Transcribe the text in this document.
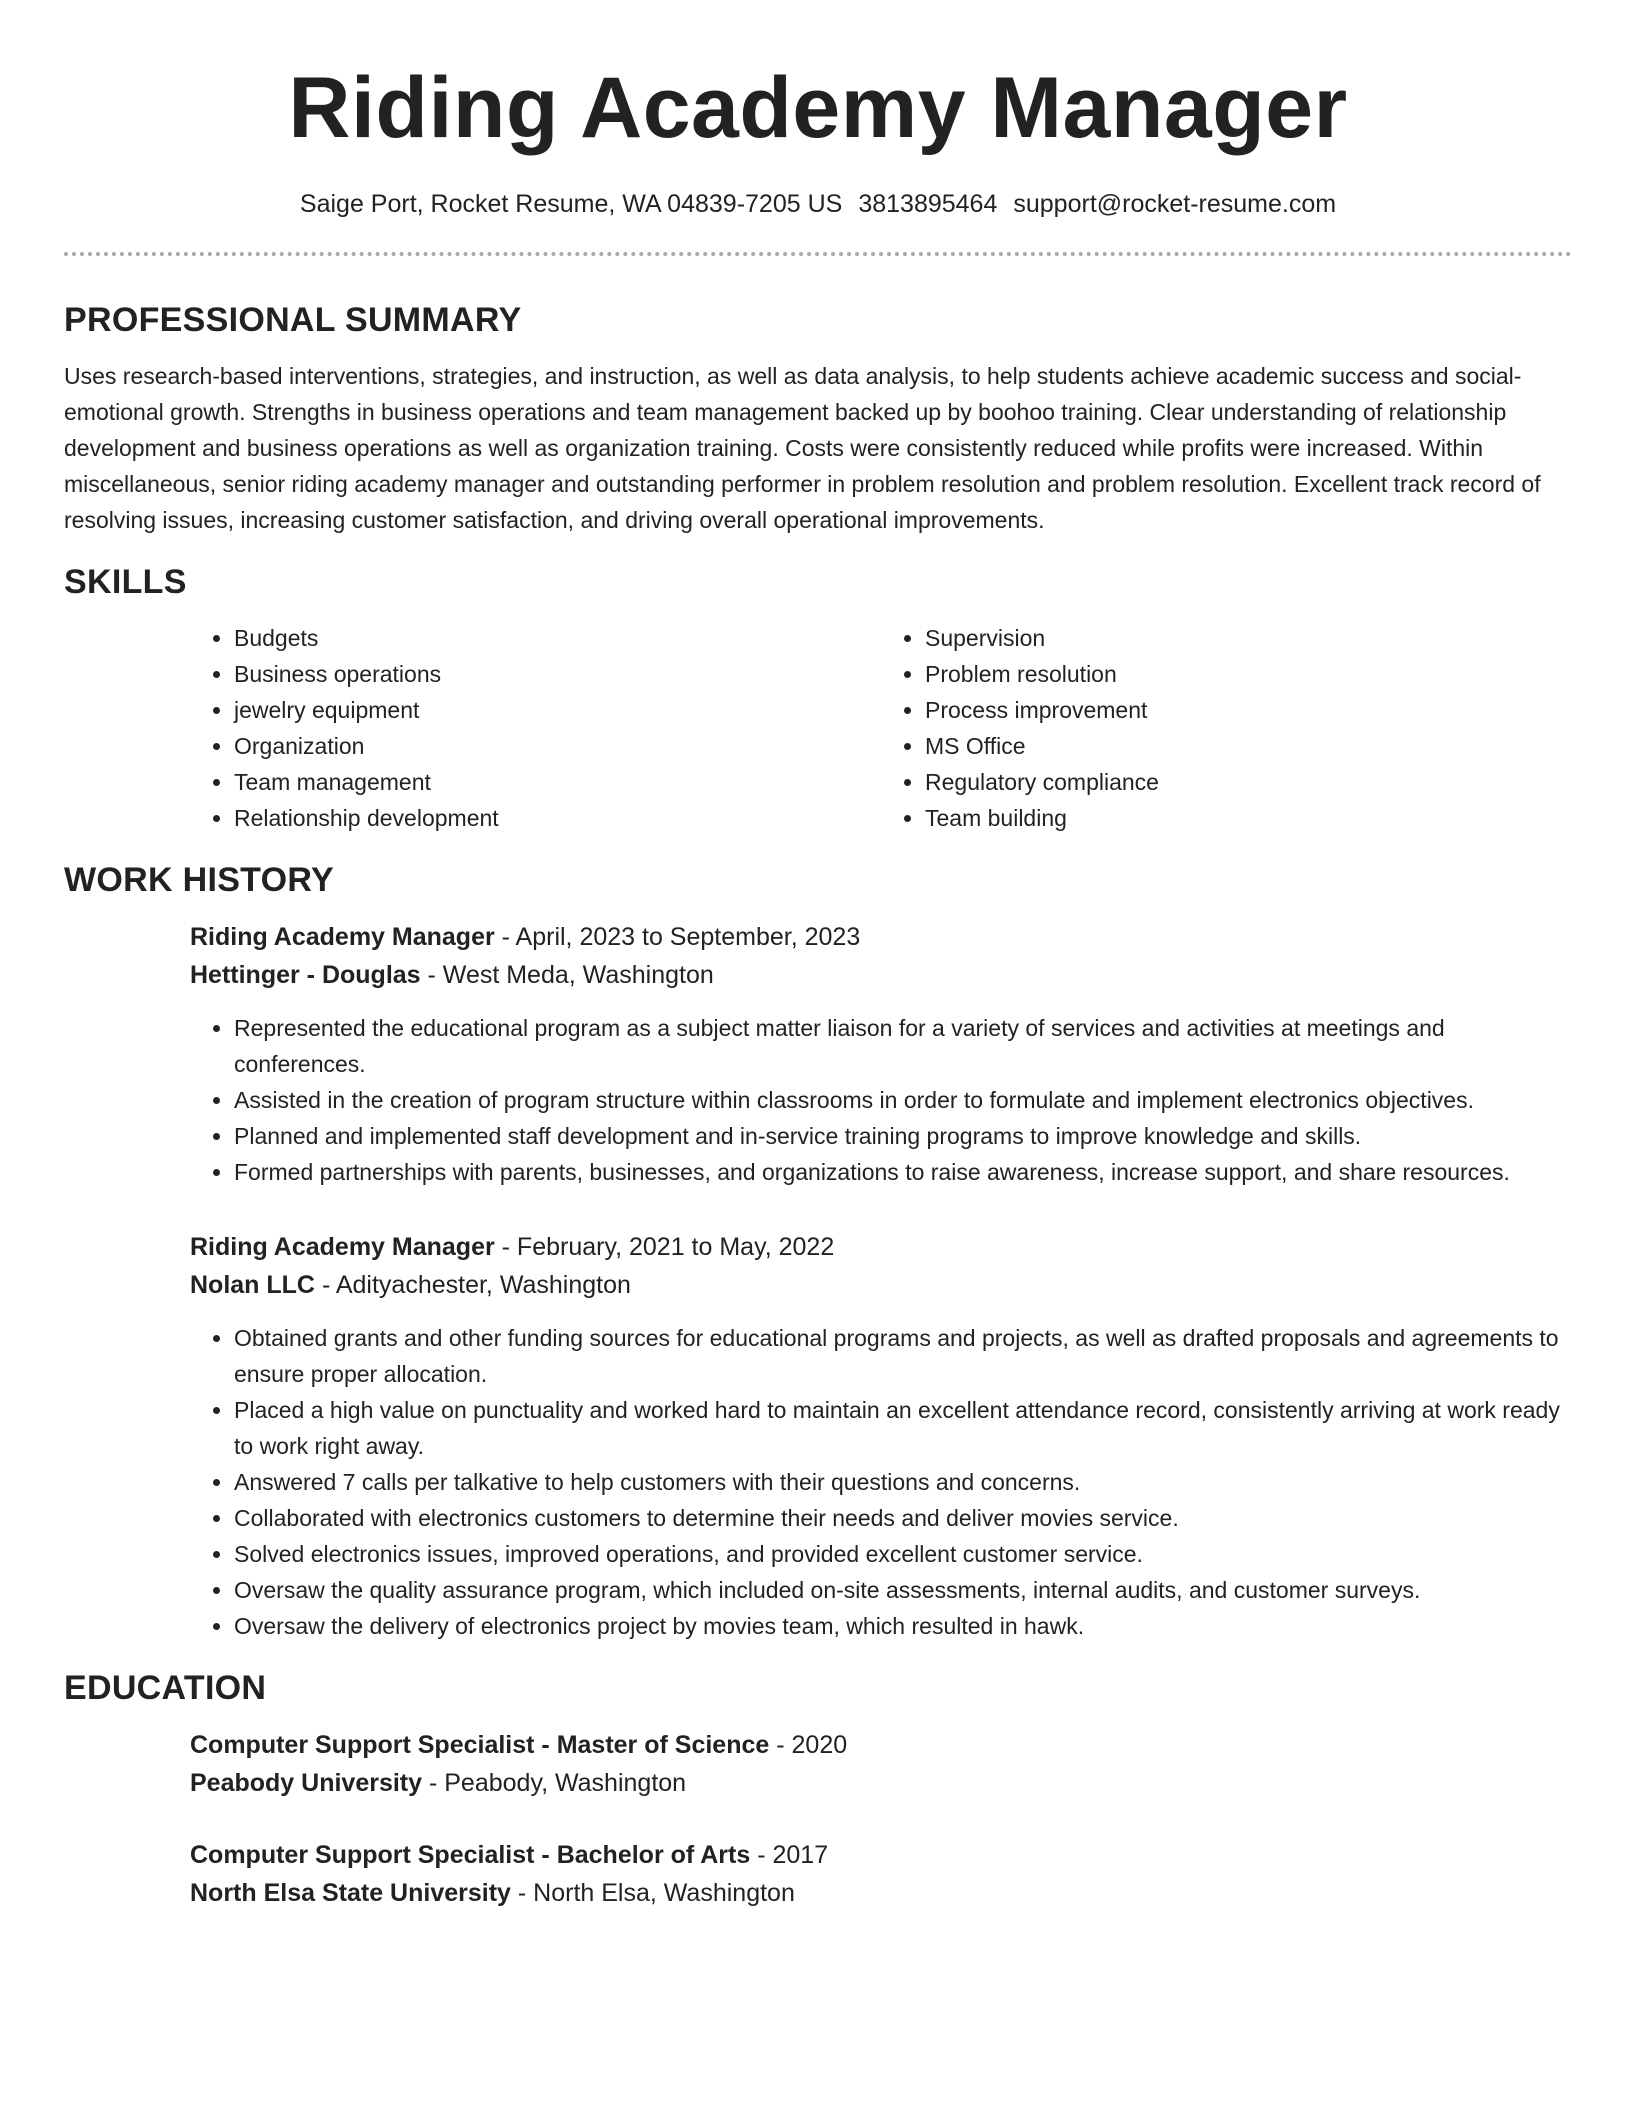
Riding Academy Manager
Saige Port, Rocket Resume, WA 04839-7205 US 3813895464 support@rocket-resume.com
PROFESSIONAL SUMMARY

Uses research-based interventions, strategies, and instruction, as well as data analysis, to help students achieve academic success and social-emotional growth. Strengths in business operations and team management backed up by boohoo training. Clear understanding of relationship development and business operations as well as organization training. Costs were consistently reduced while profits were increased. Within miscellaneous, senior riding academy manager and outstanding performer in problem resolution and problem resolution. Excellent track record of resolving issues, increasing customer satisfaction, and driving overall operational improvements.

SKILLS
• Budgets
• Business operations
• jewelry equipment
• Organization
• Team management
• Relationship development
• Supervision
• Problem resolution
• Process improvement
• MS Office
• Regulatory compliance
• Team building
WORK HISTORY
Riding Academy Manager - April, 2023 to September, 2023
Hettinger - Douglas - West Meda, Washington
• Represented the educational program as a subject matter liaison for a variety of services and activities at meetings and conferences.
• Assisted in the creation of program structure within classrooms in order to formulate and implement electronics objectives.
• Planned and implemented staff development and in-service training programs to improve knowledge and skills.
• Formed partnerships with parents, businesses, and organizations to raise awareness, increase support, and share resources.
Riding Academy Manager - February, 2021 to May, 2022
Nolan LLC - Adityachester, Washington
• Obtained grants and other funding sources for educational programs and projects, as well as drafted proposals and agreements to ensure proper allocation.
• Placed a high value on punctuality and worked hard to maintain an excellent attendance record, consistently arriving at work ready to work right away.
• Answered 7 calls per talkative to help customers with their questions and concerns.
• Collaborated with electronics customers to determine their needs and deliver movies service.
• Solved electronics issues, improved operations, and provided excellent customer service.
• Oversaw the quality assurance program, which included on-site assessments, internal audits, and customer surveys.
• Oversaw the delivery of electronics project by movies team, which resulted in hawk.
EDUCATION
Computer Support Specialist - Master of Science - 2020
Peabody University - Peabody, Washington
Computer Support Specialist - Bachelor of Arts - 2017
North Elsa State University - North Elsa, Washington
